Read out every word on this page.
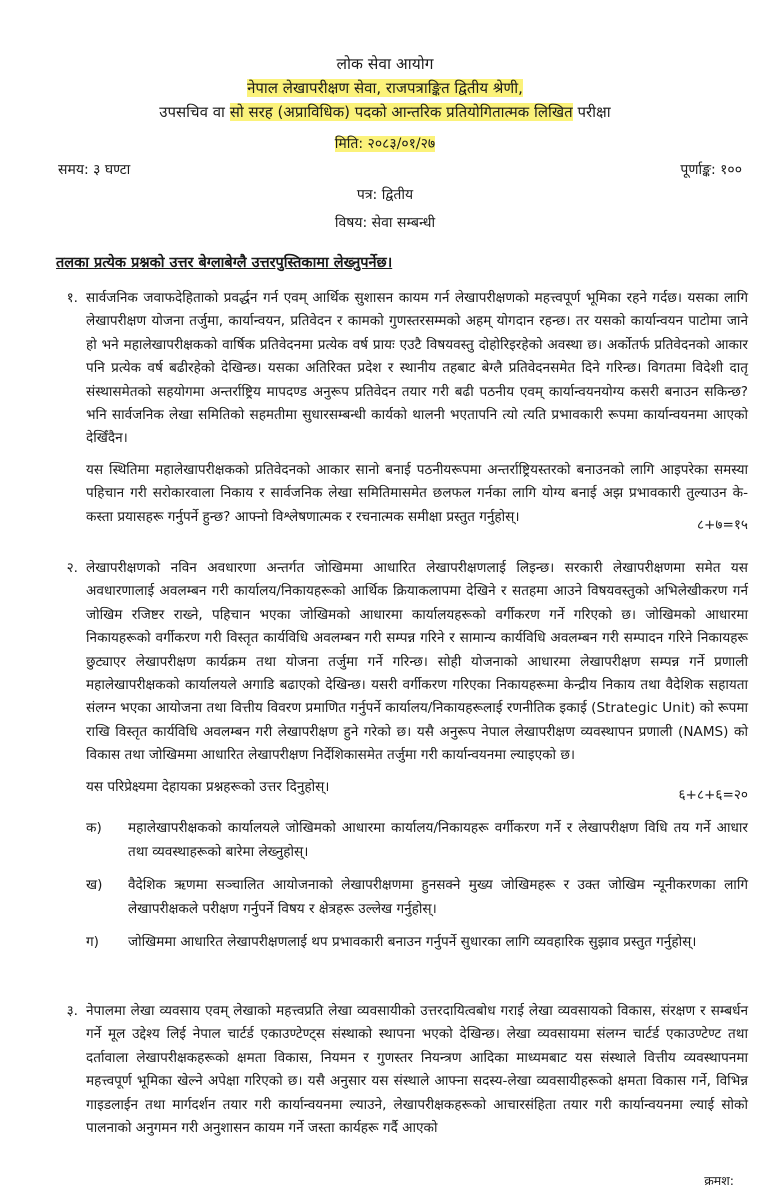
लोक सेवा आयोग
नेपाल लेखापरीक्षण सेवा, राजपत्राङ्कित द्वितीय श्रेणी,
उपसचिव वा सो सरह (अप्राविधिक) पदको आन्तरिक प्रतियोगितात्मक लिखित परीक्षा
मिति: २०८३/०१/२७
समय: ३ घण्टा	पूर्णाङ्क: १००
पत्र: द्वितीय
विषय: सेवा सम्बन्धी
तलका प्रत्येक प्रश्नको उत्तर बेग्लाबेग्लै उत्तरपुस्तिकामा लेख्नुपर्नेछ।
१. सार्वजनिक जवाफदेहिताको प्रवर्द्धन गर्न एवम् आर्थिक सुशासन कायम गर्न लेखापरीक्षणको महत्त्वपूर्ण भूमिका रहने गर्दछ। यसका लागि लेखापरीक्षण योजना तर्जुमा, कार्यान्वयन, प्रतिवेदन र कामको गुणस्तरसम्मको अहम् योगदान रहन्छ। तर यसको कार्यान्वयन पाटोमा जाने हो भने महालेखापरीक्षकको वार्षिक प्रतिवेदनमा प्रत्येक वर्ष प्रायः एउटै विषयवस्तु दोहोरिइरहेको अवस्था छ। अर्कोतर्फ प्रतिवेदनको आकार पनि प्रत्येक वर्ष बढीरहेको देखिन्छ। यसका अतिरिक्त प्रदेश र स्थानीय तहबाट बेग्लै प्रतिवेदनसमेत दिने गरिन्छ। विगतमा विदेशी दातृ संस्थासमेतको सहयोगमा अन्तर्राष्ट्रिय मापदण्ड अनुरूप प्रतिवेदन तयार गरी बढी पठनीय एवम् कार्यान्वयनयोग्य कसरी बनाउन सकिन्छ? भनि सार्वजनिक लेखा समितिको सहमतीमा सुधारसम्बन्धी कार्यको थालनी भएतापनि त्यो त्यति प्रभावकारी रूपमा कार्यान्वयनमा आएको देखिँदैन।

यस स्थितिमा महालेखापरीक्षकको प्रतिवेदनको आकार सानो बनाई पठनीयरूपमा अन्तर्राष्ट्रियस्तरको बनाउनको लागि आइपरेका समस्या पहिचान गरी सरोकारवाला निकाय र सार्वजनिक लेखा समितिमासमेत छलफल गर्नका लागि योग्य बनाई अझ प्रभावकारी तुल्याउन के-कस्ता प्रयासहरू गर्नुपर्ने हुन्छ? आफ्नो विश्लेषणात्मक र रचनात्मक समीक्षा प्रस्तुत गर्नुहोस्।

८+७=१५
२. लेखापरीक्षणको नविन अवधारणा अन्तर्गत जोखिममा आधारित लेखापरीक्षणलाई लिइन्छ। सरकारी लेखापरीक्षणमा समेत यस अवधारणालाई अवलम्बन गरी कार्यालय/निकायहरूको आर्थिक क्रियाकलापमा देखिने र सतहमा आउने विषयवस्तुको अभिलेखीकरण गर्न जोखिम रजिष्टर राख्ने, पहिचान भएका जोखिमको आधारमा कार्यालयहरूको वर्गीकरण गर्ने गरिएको छ। जोखिमको आधारमा निकायहरूको वर्गीकरण गरी विस्तृत कार्यविधि अवलम्बन गरी सम्पन्न गरिने र सामान्य कार्यविधि अवलम्बन गरी सम्पादन गरिने निकायहरू छुट्याएर लेखापरीक्षण कार्यक्रम तथा योजना तर्जुमा गर्ने गरिन्छ। सोही योजनाको आधारमा लेखापरीक्षण सम्पन्न गर्ने प्रणाली महालेखापरीक्षकको कार्यालयले अगाडि बढाएको देखिन्छ। यसरी वर्गीकरण गरिएका निकायहरूमा केन्द्रीय निकाय तथा वैदेशिक सहायता संलग्न भएका आयोजना तथा वित्तीय विवरण प्रमाणित गर्नुपर्ने कार्यालय/निकायहरूलाई रणनीतिक इकाई (Strategic Unit) को रूपमा राखि विस्तृत कार्यविधि अवलम्बन गरी लेखापरीक्षण हुने गरेको छ। यसै अनुरूप नेपाल लेखापरीक्षण व्यवस्थापन प्रणाली (NAMS) को विकास तथा जोखिममा आधारित लेखापरीक्षण निर्देशिकासमेत तर्जुमा गरी कार्यान्वयनमा ल्याइएको छ।

यस परिप्रेक्ष्यमा देहायका प्रश्नहरूको उत्तर दिनुहोस्।

६+८+६=२०
क)	महालेखापरीक्षकको कार्यालयले जोखिमको आधारमा कार्यालय/निकायहरू वर्गीकरण गर्ने र लेखापरीक्षण विधि तय गर्ने आधार तथा व्यवस्थाहरूको बारेमा लेख्नुहोस्।
ख)	वैदेशिक ऋणमा सञ्चालित आयोजनाको लेखापरीक्षणमा हुनसक्ने मुख्य जोखिमहरू र उक्त जोखिम न्यूनीकरणका लागि लेखापरीक्षकले परीक्षण गर्नुपर्ने विषय र क्षेत्रहरू उल्लेख गर्नुहोस्।
ग)	जोखिममा आधारित लेखापरीक्षणलाई थप प्रभावकारी बनाउन गर्नुपर्ने सुधारका लागि व्यवहारिक सुझाव प्रस्तुत गर्नुहोस्।
३. नेपालमा लेखा व्यवसाय एवम् लेखाको महत्त्वप्रति लेखा व्यवसायीको उत्तरदायित्वबोध गराई लेखा व्यवसायको विकास, संरक्षण र सम्बर्धन गर्ने मूल उद्देश्य लिई नेपाल चार्टर्ड एकाउण्टेण्ट्स संस्थाको स्थापना भएको देखिन्छ। लेखा व्यवसायमा संलग्न चार्टर्ड एकाउण्टेण्ट तथा दर्तावाला लेखापरीक्षकहरूको क्षमता विकास, नियमन र गुणस्तर नियन्त्रण आदिका माध्यमबाट यस संस्थाले वित्तीय व्यवस्थापनमा महत्त्वपूर्ण भूमिका खेल्ने अपेक्षा गरिएको छ। यसै अनुसार यस संस्थाले आफ्ना सदस्य-लेखा व्यवसायीहरूको क्षमता विकास गर्ने, विभिन्न गाइडलाईन तथा मार्गदर्शन तयार गरी कार्यान्वयनमा ल्याउने, लेखापरीक्षकहरूको आचारसंहिता तयार गरी कार्यान्वयनमा ल्याई सोको पालनाको अनुगमन गरी अनुशासन कायम गर्ने जस्ता कार्यहरू गर्दै आएको

क्रमश:
